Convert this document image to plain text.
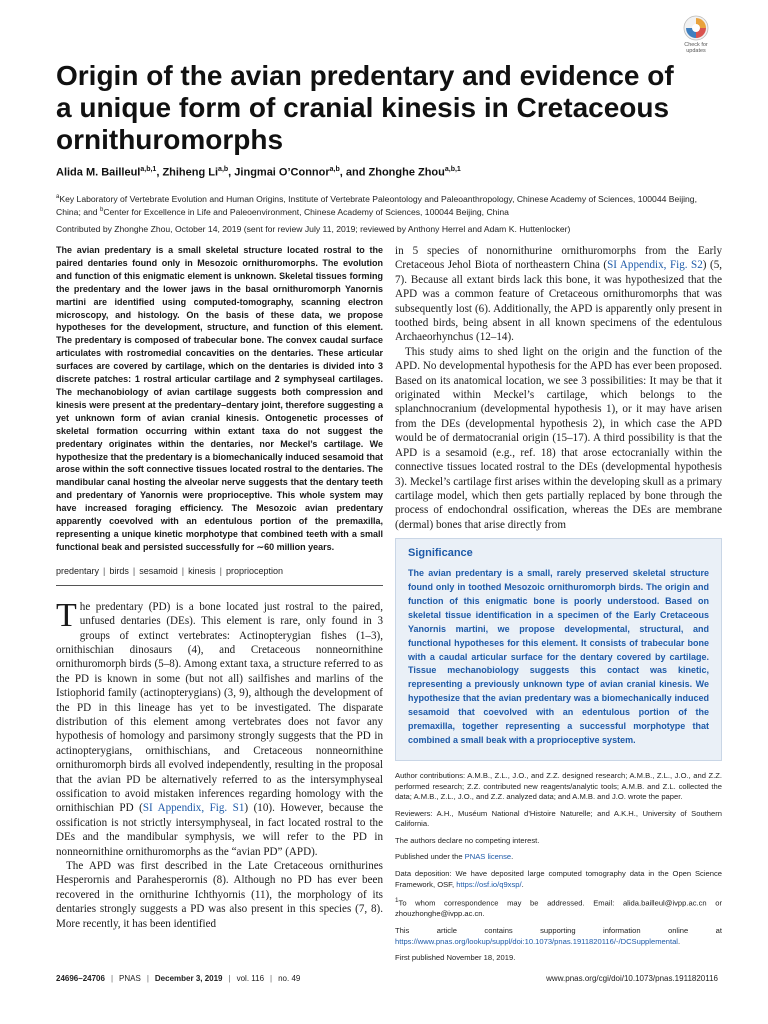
Check for updates
Origin of the avian predentary and evidence of a unique form of cranial kinesis in Cretaceous ornithuromorphs
Alida M. Bailleul$^{a,b,1}$, Zhiheng Li$^{a,b}$, Jingmai O’Connor$^{a,b}$, and Zhonghe Zhou$^{a,b,1}$
$^a$Key Laboratory of Vertebrate Evolution and Human Origins, Institute of Vertebrate Paleontology and Paleoanthropology, Chinese Academy of Sciences, 100044 Beijing, China; and $^b$Center for Excellence in Life and Paleoenvironment, Chinese Academy of Sciences, 100044 Beijing, China
Contributed by Zhonghe Zhou, October 14, 2019 (sent for review July 11, 2019; reviewed by Anthony Herrel and Adam K. Huttenlocker)

The avian predentary is a small skeletal structure located rostral to the paired dentaries found only in Mesozoic ornithuromorphs. The evolution and function of this enigmatic element is unknown. Skeletal tissues forming the predentary and the lower jaws in the basal ornithuromorph Yanornis martini are identified using computed-tomography, scanning electron microscopy, and histology. On the basis of these data, we propose hypotheses for the development, structure, and function of this element. The predentary is composed of trabecular bone. The convex caudal surface articulates with rostromedial concavities on the dentaries. These articular surfaces are covered by cartilage, which on the dentaries is divided into 3 discrete patches: 1 rostral articular cartilage and 2 symphyseal cartilages. The mechanobiology of avian cartilage suggests both compression and kinesis were present at the predentary–dentary joint, therefore suggesting a yet unknown form of avian cranial kinesis. Ontogenetic processes of skeletal formation occurring within extant taxa do not suggest the predentary originates within the dentaries, nor Meckel’s cartilage. We hypothesize that the predentary is a biomechanically induced sesamoid that arose within the soft connective tissues located rostral to the dentaries. The mandibular canal hosting the alveolar nerve suggests that the dentary teeth and predentary of Yanornis were proprioceptive. This whole system may have increased foraging efficiency. The Mesozoic avian predentary apparently coevolved with an edentulous portion of the premaxilla, representing a unique kinetic morphotype that combined teeth with a small functional beak and persisted successfully for ∼60 million years.

predentary | birds | sesamoid | kinesis | proprioception

The predentary (PD) is a bone located just rostral to the paired, unfused dentaries (DEs). This element is rare, only found in 3 groups of extinct vertebrates: Actinopterygian fishes (1–3), ornithischian dinosaurs (4), and Cretaceous nonneornithine ornithuromorph birds (5–8). Among extant taxa, a structure referred to as the PD is known in some (but not all) sailfishes and marlins of the Istiophorid family (actinopterygians) (3, 9), although the development of the PD in this lineage has yet to be investigated. The disparate distribution of this element among vertebrates does not favor any hypothesis of homology and parsimony strongly suggests that the PD in actinopterygians, ornithischians, and Cretaceous nonneornithine ornithuromorph birds all evolved independently, resulting in the proposal that the avian PD be alternatively referred to as the intersymphyseal ossification to avoid mistaken inferences regarding homology with the ornithischian PD (SI Appendix, Fig. S1) (10). However, because the ossification is not strictly intersymphyseal, in fact located rostral to the DEs and the mandibular symphysis, we will refer to the PD in nonneornithine ornithuromorphs as the “avian PD” (APD).

The APD was first described in the Late Cretaceous ornithurines Hesperornis and Parahesperornis (8). Although no PD has ever been recovered in the ornithurine Ichthyornis (11), the morphology of its dentaries strongly suggests a PD was also present in this species (7, 8). More recently, it has been identified

in 5 species of nonornithurine ornithuromorphs from the Early Cretaceous Jehol Biota of northeastern China (SI Appendix, Fig. S2) (5, 7). Because all extant birds lack this bone, it was hypothesized that the APD was a common feature of Cretaceous ornithuromorphs that was subsequently lost (6). Additionally, the APD is apparently only present in toothed birds, being absent in all known specimens of the edentulous Archaeorhynchus (12–14).

This study aims to shed light on the origin and the function of the APD. No developmental hypothesis for the APD has ever been proposed. Based on its anatomical location, we see 3 possibilities: It may be that it originated within Meckel’s cartilage, which belongs to the splanchnocranium (developmental hypothesis 1), or it may have arisen from the DEs (developmental hypothesis 2), in which case the APD would be of dermatocranial origin (15–17). A third possibility is that the APD is a sesamoid (e.g., ref. 18) that arose ectocranially within the connective tissues located rostral to the DEs (developmental hypothesis 3). Meckel’s cartilage first arises within the developing skull as a primary cartilage model, which then gets partially replaced by bone through the process of endochondral ossification, whereas the DEs are membrane (dermal) bones that arise directly from

Significance

The avian predentary is a small, rarely preserved skeletal structure found only in toothed Mesozoic ornithuromorph birds. The origin and function of this enigmatic bone is poorly understood. Based on skeletal tissue identification in a specimen of the Early Cretaceous Yanornis martini, we propose developmental, structural, and functional hypotheses for this element. It consists of trabecular bone with a caudal articular surface for the dentary covered by cartilage. Tissue mechanobiology suggests this contact was kinetic, representing a previously unknown type of avian cranial kinesis. We hypothesize that the avian predentary was a biomechanically induced sesamoid that coevolved with an edentulous portion of the premaxilla, together representing a successful morphotype that combined a small beak with a proprioceptive system.

Author contributions: A.M.B., Z.L., J.O., and Z.Z. designed research; A.M.B., Z.L., J.O., and Z.Z. performed research; Z.Z. contributed new reagents/analytic tools; A.M.B. and Z.L. collected the data; A.M.B., Z.L., J.O., and Z.Z. analyzed data; and A.M.B. and J.O. wrote the paper.

Reviewers: A.H., Muséum National d’Histoire Naturelle; and A.K.H., University of Southern California.

The authors declare no competing interest.

Published under the PNAS license.

Data deposition: We have deposited large computed tomography data in the Open Science Framework, OSF, https://osf.io/q9xsp/.

$^1$To whom correspondence may be addressed. Email: alida.bailleul@ivpp.ac.cn or zhouzhonghe@ivpp.ac.cn.

This article contains supporting information online at https://www.pnas.org/lookup/suppl/doi:10.1073/pnas.1911820116/-/DCSupplemental.

First published November 18, 2019.

24696–24706 | PNAS | December 3, 2019 | vol. 116 | no. 49	www.pnas.org/cgi/doi/10.1073/pnas.1911820116
